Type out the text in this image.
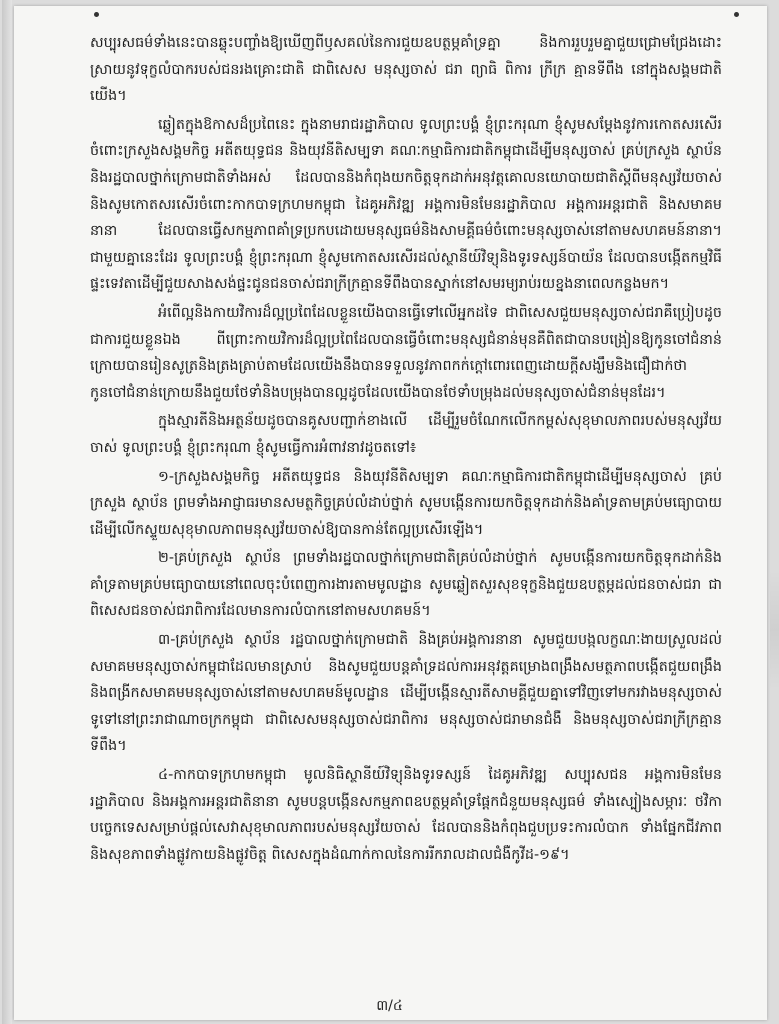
សប្បុរសធម៌ទាំងនេះបានឆ្លុះបញ្ចាំងឱ្យឃើញពីឫសគល់នៃការជួយឧបត្ថម្ភគាំទ្រគ្នា និងការរួបរួមគ្នាជួយជ្រោមជ្រែងដោះស្រាយនូវទុក្ខលំបាករបស់ជនរងគ្រោះជាតិ ជាពិសេស មនុស្សចាស់ ជរា ព្យាធិ ពិការ ក្រីក្រ គ្មានទីពឹង នៅក្នុងសង្គមជាតិយើង។

ឆ្លៀតក្នុងឱកាសដ៏ប្រពៃនេះ ក្នុងនាមរាជរដ្ឋាភិបាល ទូលព្រះបង្គំ ខ្ញុំព្រះករុណា ខ្ញុំសូមសម្ដែងនូវការកោតសរសើរចំពោះក្រសួងសង្គមកិច្ច អតីតយុទ្ធជន និងយុវនីតិសម្បទា គណៈកម្មាធិការជាតិកម្ពុជាដើម្បីមនុស្សចាស់ គ្រប់ក្រសួង ស្ថាប័ន និងរដ្ឋបាលថ្នាក់ក្រោមជាតិទាំងអស់ ដែលបាននិងកំពុងយកចិត្តទុកដាក់អនុវត្តគោលនយោបាយជាតិស្ដីពីមនុស្សវ័យចាស់ និងសូមកោតសរសើរចំពោះកាកបាទក្រហមកម្ពុជា ដៃគូអភិវឌ្ឍ អង្គការមិនមែនរដ្ឋាភិបាល អង្គការអន្តរជាតិ និងសមាគមនានា ដែលបានធ្វើសកម្មភាពគាំទ្រប្រកបដោយមនុស្សធម៌និងសាមគ្គីធម៌ចំពោះមនុស្សចាស់នៅតាមសហគមន៍នានា។ ជាមួយគ្នានេះដែរ ទូលព្រះបង្គំ ខ្ញុំព្រះករុណា ខ្ញុំសូមកោតសរសើរដល់ស្ថានីយ៍វិទ្យុនិងទូរទស្សន៍បាយ័ន ដែលបានបង្កើតកម្មវិធីផ្ទះទេវតាដើម្បីជួយសាងសង់ផ្ទះជូនជនចាស់ជរាក្រីក្រគ្មានទីពឹងបានស្នាក់នៅសមរម្យរាប់រយខ្នងនាពេលកន្លងមក។

អំពើល្អនិងកាយវិការដ៏ល្អប្រពៃដែលខ្លួនយើងបានធ្វើទៅលើអ្នកដទៃ ជាពិសេសជួយមនុស្សចាស់ជរាគឺប្រៀបដូចជាការជួយខ្លួនឯង ពីព្រោះកាយវិការដ៏ល្អប្រពៃដែលបានធ្វើចំពោះមនុស្សជំនាន់មុនគឺពិតជាបានបង្រៀនឱ្យកូនចៅជំនាន់ក្រោយបានរៀនសូត្រនិងត្រងត្រាប់តាមដែលយើងនឹងបានទទួលនូវភាពកក់ក្ដៅពោរពេញដោយក្ដីសង្ឃឹមនិងជឿជាក់ថា កូនចៅជំនាន់ក្រោយនឹងជួយថែទាំនិងបម្រុងបានល្អដូចដែលយើងបានថែទាំបម្រុងដល់មនុស្សចាស់ជំនាន់មុនដែរ។

ក្នុងស្មារតីនិងអត្ថន័យដូចបានគូសបញ្ជាក់ខាងលើ ដើម្បីរួមចំណែកលើកកម្ពស់សុខុមាលភាពរបស់មនុស្សវ័យចាស់ ទូលព្រះបង្គំ ខ្ញុំព្រះករុណា ខ្ញុំសូមធ្វើការអំពាវនាវដូចតទៅ៖

១-ក្រសួងសង្គមកិច្ច អតីតយុទ្ធជន និងយុវនីតិសម្បទា គណៈកម្មាធិការជាតិកម្ពុជាដើម្បីមនុស្សចាស់ គ្រប់ក្រសួង ស្ថាប័ន ព្រមទាំងអាជ្ញាធរមានសមត្ថកិច្ចគ្រប់លំដាប់ថ្នាក់ សូមបង្កើនការយកចិត្តទុកដាក់និងគាំទ្រតាមគ្រប់មធ្យោបាយដើម្បីលើកស្ទួយសុខុមាលភាពមនុស្សវ័យចាស់ឱ្យបានកាន់តែល្អប្រសើរឡើង។

២-គ្រប់ក្រសួង ស្ថាប័ន ព្រមទាំងរដ្ឋបាលថ្នាក់ក្រោមជាតិគ្រប់លំដាប់ថ្នាក់ សូមបង្កើនការយកចិត្តទុកដាក់និងគាំទ្រតាមគ្រប់មធ្យោបាយនៅពេលចុះបំពេញការងារតាមមូលដ្ឋាន សូមឆ្លៀតសួរសុខទុក្ខនិងជួយឧបត្ថម្ភដល់ជនចាស់ជរា ជាពិសេសជនចាស់ជរាពិការដែលមានការលំបាកនៅតាមសហគមន៍។

៣-គ្រប់ក្រសួង ស្ថាប័ន រដ្ឋបាលថ្នាក់ក្រោមជាតិ និងគ្រប់អង្គការនានា សូមជួយបង្កលក្ខណៈងាយស្រួលដល់សមាគមមនុស្សចាស់កម្ពុជាដែលមានស្រាប់ និងសូមជួយបន្តគាំទ្រដល់ការអនុវត្តគម្រោងពង្រឹងសមត្ថភាពបង្កើតជួយពង្រឹងនិងពង្រីកសមាគមមនុស្សចាស់នៅតាមសហគមន៍មូលដ្ឋាន ដើម្បីបង្កើនស្មារតីសាមគ្គីជួយគ្នាទៅវិញទៅមករវាងមនុស្សចាស់ទូទៅនៅព្រះរាជាណាចក្រកម្ពុជា ជាពិសេសមនុស្សចាស់ជរាពិការ មនុស្សចាស់ជរាមានជំងឺ និងមនុស្សចាស់ជរាក្រីក្រគ្មានទីពឹង។

៤-កាកបាទក្រហមកម្ពុជា មូលនិធិស្ថានីយ៍វិទ្យុនិងទូរទស្សន៍ ដៃគូអភិវឌ្ឍ សប្បុរសជន អង្គការមិនមែនរដ្ឋាភិបាល និងអង្គការអន្តរជាតិនានា សូមបន្តបង្កើនសកម្មភាពឧបត្ថម្ភគាំទ្រផ្ដែកជំនួយមនុស្សធម៌ ទាំងស្បៀងសម្ភារៈ ថវិកា បច្ចេកទេសសម្រាប់ផ្ដល់សេវាសុខុមាលភាពរបស់មនុស្សវ័យចាស់ ដែលបាននិងកំពុងជួបប្រទះការលំបាក ទាំងផ្នែកជីវភាព និងសុខភាពទាំងផ្លូវកាយនិងផ្លូវចិត្ត ពិសេសក្នុងដំណាក់កាលនៃការរីករាលដាលជំងឺកូវីដ-១៩។

៣/៤
